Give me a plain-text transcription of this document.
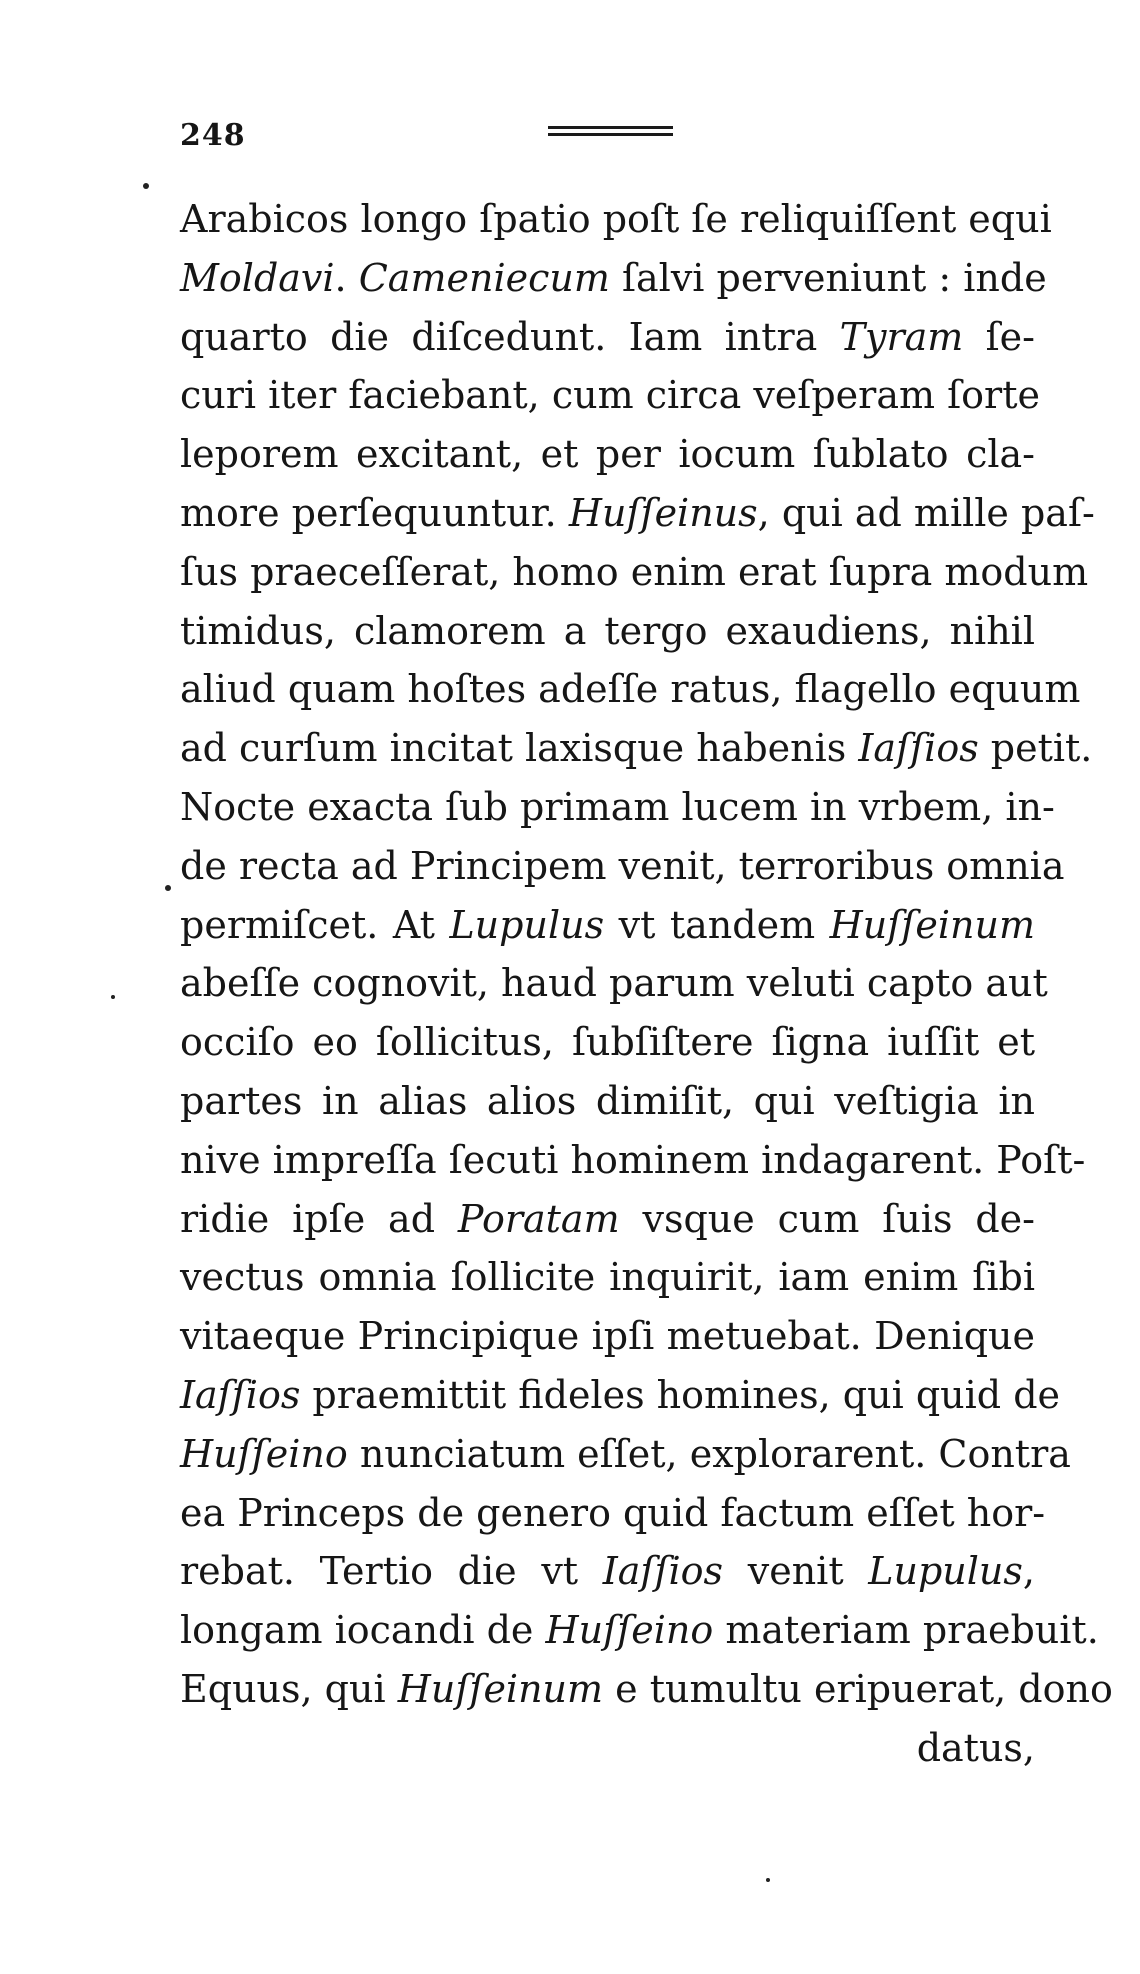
248
Arabicos longo ſpatio poſt ſe reliquiſſent equi
Moldavi. Cameniecum ſalvi perveniunt : inde
quarto die diſcedunt. Iam intra Tyram ſe-
curi iter faciebant, cum circa veſperam ſorte
leporem excitant, et per iocum ſublato cla-
more perſequuntur. Huſſeinus, qui ad mille paſ-
ſus praeceſſerat, homo enim erat ſupra modum
timidus, clamorem a tergo exaudiens, nihil
aliud quam hoſtes adeſſe ratus, flagello equum
ad curſum incitat laxisque habenis Iaſſios petit.
Nocte exacta ſub primam lucem in vrbem, in-
de recta ad Principem venit, terroribus omnia
permiſcet. At Lupulus vt tandem Huſſeinum
abeſſe cognovit, haud parum veluti capto aut
occiſo eo ſollicitus, ſubſiſtere ſigna iuſſit et
partes in alias alios dimiſit, qui veſtigia in
nive impreſſa ſecuti hominem indagarent. Poſt-
ridie ipſe ad Poratam vsque cum ſuis de-
vectus omnia ſollicite inquirit, iam enim ſibi
vitaeque Principique ipſi metuebat. Denique
Iaſſios praemittit fideles homines, qui quid de
Huſſeino nunciatum eſſet, explorarent. Contra
ea Princeps de genero quid factum eſſet hor-
rebat. Tertio die vt Iaſſios venit Lupulus,
longam iocandi de Huſſeino materiam praebuit.
Equus, qui Huſſeinum e tumultu eripuerat, dono
datus,
